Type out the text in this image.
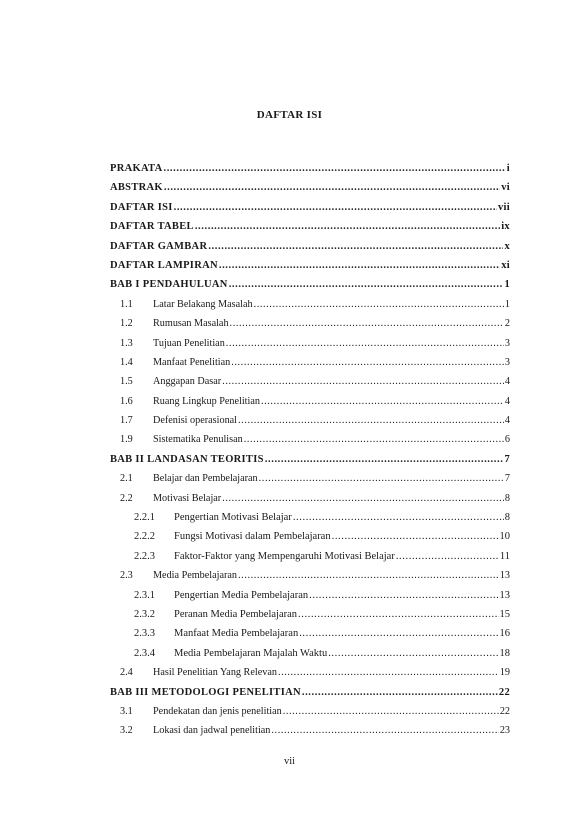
DAFTAR ISI
PRAKATA .....	i
ABSTRAK .....	vi
DAFTAR ISI .....	vii
DAFTAR TABEL .....	ix
DAFTAR GAMBAR .....	x
DAFTAR LAMPIRAN .....	xi
BAB I PENDAHULUAN .....	1
1.1	Latar Belakang Masalah .....	1
1.2	Rumusan Masalah .....	2
1.3	Tujuan Penelitian .....	3
1.4	Manfaat Penelitian .....	3
1.5	Anggapan Dasar .....	4
1.6	Ruang Lingkup Penelitian .....	4
1.7	Defenisi operasional .....	4
1.9	Sistematika Penulisan .....	6
BAB II LANDASAN TEORITIS .....	7
2.1	Belajar dan Pembelajaran .....	7
2.2	Motivasi Belajar .....	8
2.2.1	Pengertian Motivasi Belajar .....	8
2.2.2	Fungsi Motivasi dalam Pembelajaran .....	10
2.2.3	Faktor-Faktor yang Mempengaruhi Motivasi Belajar .....	11
2.3	Media Pembelajaran .....	13
2.3.1	Pengertian Media Pembelajaran .....	13
2.3.2	Peranan Media Pembelajaran .....	15
2.3.3	Manfaat Media Pembelajaran .....	16
2.3.4	Media Pembelajaran Majalah Waktu .....	18
2.4	Hasil Penelitian Yang Relevan .....	19
BAB III METODOLOGI PENELITIAN .....	22
3.1	Pendekatan dan jenis penelitian .....	22
3.2	Lokasi dan jadwal penelitian .....	23
vii
